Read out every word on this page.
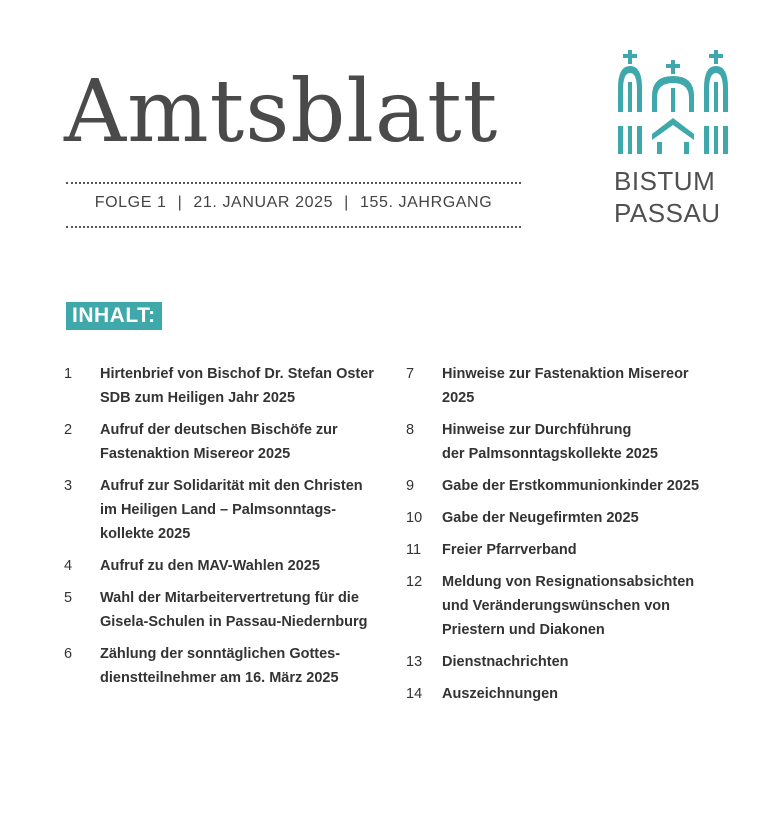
Amtsblatt
FOLGE 1 | 21. JANUAR 2025 | 155. JAHRGANG
BISTUM
PASSAU
INHALT:
1 Hirtenbrief von Bischof Dr. Stefan Oster
SDB zum Heiligen Jahr 2025
2 Aufruf der deutschen Bischöfe zur
Fastenaktion Misereor 2025
3 Aufruf zur Solidarität mit den Christen
im Heiligen Land – Palmsonntags-
kollekte 2025
4 Aufruf zu den MAV-Wahlen 2025
5 Wahl der Mitarbeitervertretung für die
Gisela-Schulen in Passau-Niedernburg
6 Zählung der sonntäglichen Gottes-
dienstteilnehmer am 16. März 2025
7 Hinweise zur Fastenaktion Misereor
2025
8 Hinweise zur Durchführung
der Palmsonntagskollekte 2025
9 Gabe der Erstkommunionkinder 2025
10 Gabe der Neugefirmten 2025
11 Freier Pfarrverband
12 Meldung von Resignationsabsichten
und Veränderungswünschen von
Priestern und Diakonen
13 Dienstnachrichten
14 Auszeichnungen
